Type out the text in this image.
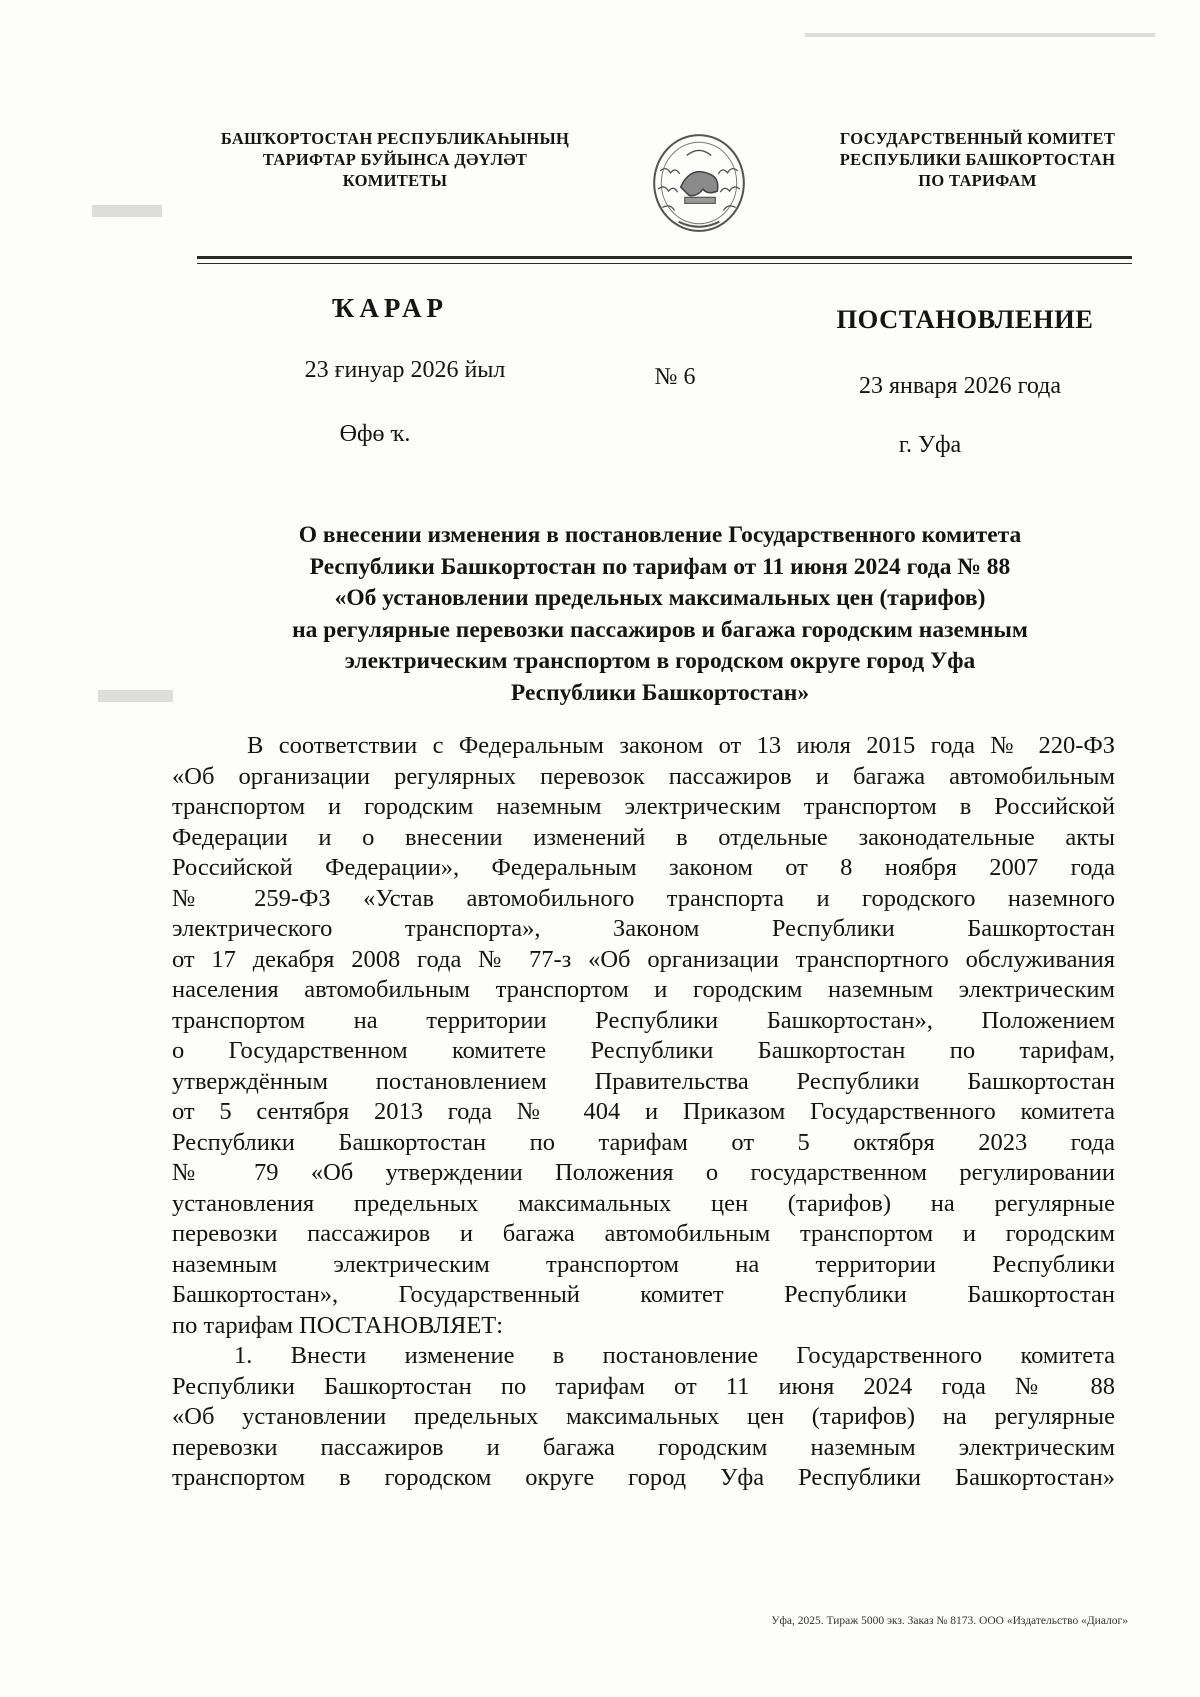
БАШҠОРТОСТАН РЕСПУБЛИКАҺЫНЫҢ
ТАРИФТАР БУЙЫНСА ДӘҮЛӘТ
КОМИТЕТЫ
ГОСУДАРСТВЕННЫЙ КОМИТЕТ
РЕСПУБЛИКИ БАШКОРТОСТАН
ПО ТАРИФАМ
ҠАРАР	ПОСТАНОВЛЕНИЕ
23 ғинуар 2026 йыл	№ 6	23 января 2026 года
Өфө ҡ.	г. Уфа
О внесении изменения в постановление Государственного комитета
Республики Башкортостан по тарифам от 11 июня 2024 года № 88
«Об установлении предельных максимальных цен (тарифов)
на регулярные перевозки пассажиров и багажа городским наземным
электрическим транспортом в городском округе город Уфа
Республики Башкортостан»
В соответствии с Федеральным законом от 13 июля 2015 года № 220-ФЗ
«Об организации регулярных перевозок пассажиров и багажа автомобильным
транспортом и городским наземным электрическим транспортом в Российской
Федерации и о внесении изменений в отдельные законодательные акты
Российской Федерации», Федеральным законом от 8 ноября 2007 года
№ 259-ФЗ «Устав автомобильного транспорта и городского наземного
электрического транспорта», Законом Республики Башкортостан
от 17 декабря 2008 года № 77-з «Об организации транспортного обслуживания
населения автомобильным транспортом и городским наземным электрическим
транспортом на территории Республики Башкортостан», Положением
о Государственном комитете Республики Башкортостан по тарифам,
утверждённым постановлением Правительства Республики Башкортостан
от 5 сентября 2013 года № 404 и Приказом Государственного комитета
Республики Башкортостан по тарифам от 5 октября 2023 года
№ 79 «Об утверждении Положения о государственном регулировании
установления предельных максимальных цен (тарифов) на регулярные
перевозки пассажиров и багажа автомобильным транспортом и городским
наземным электрическим транспортом на территории Республики
Башкортостан», Государственный комитет Республики Башкортостан
по тарифам ПОСТАНОВЛЯЕТ:
1. Внести изменение в постановление Государственного комитета
Республики Башкортостан по тарифам от 11 июня 2024 года № 88
«Об установлении предельных максимальных цен (тарифов) на регулярные
перевозки пассажиров и багажа городским наземным электрическим
транспортом в городском округе город Уфа Республики Башкортостан»
Уфа, 2025. Тираж 5000 экз. Заказ № 8173. ООО «Издательство «Диалог»
